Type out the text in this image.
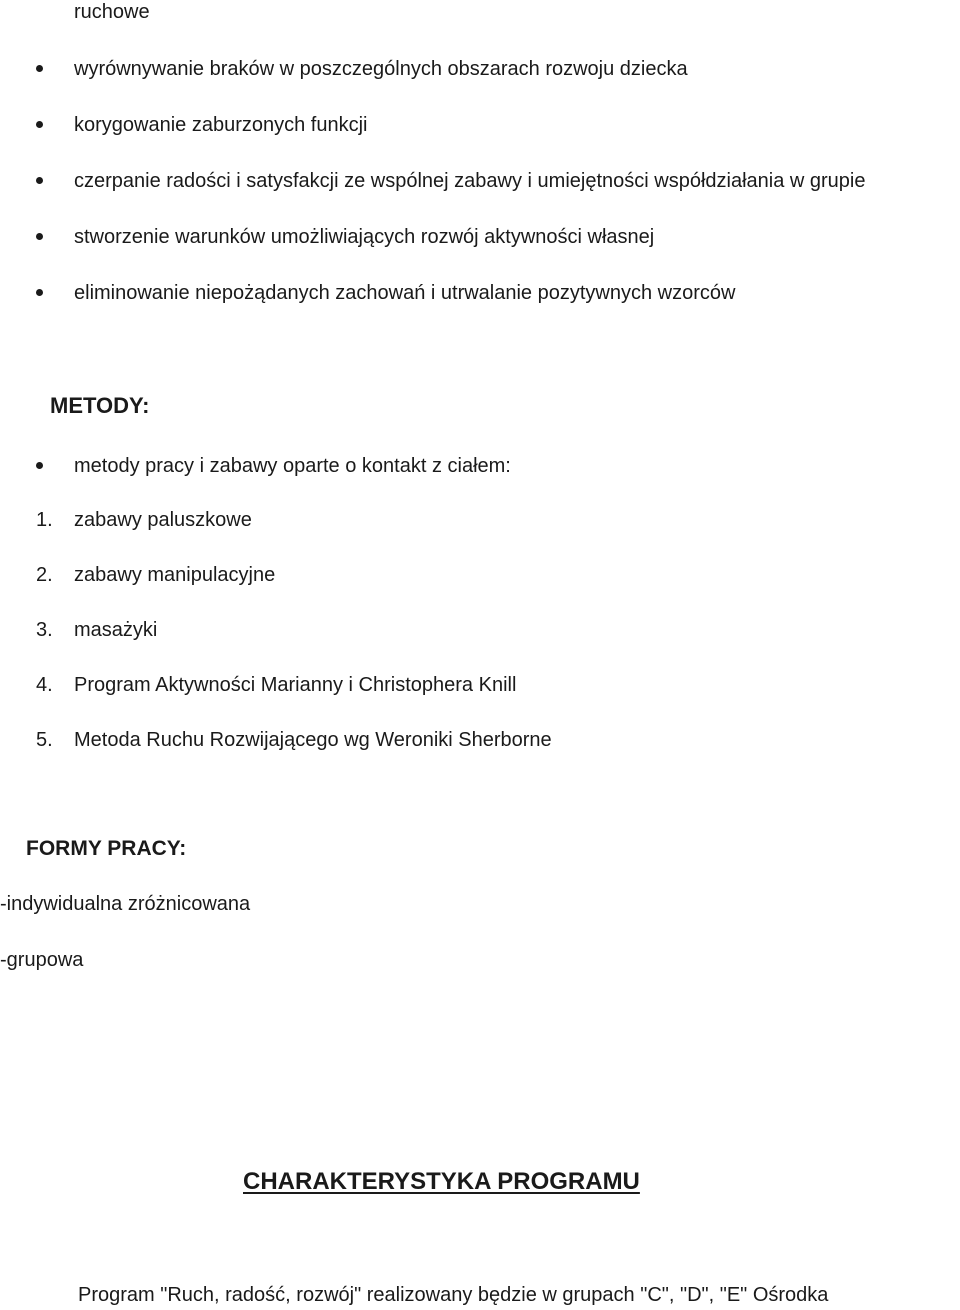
ruchowe
wyrównywanie braków w poszczególnych obszarach rozwoju dziecka
korygowanie zaburzonych funkcji
czerpanie radości i satysfakcji ze wspólnej zabawy i umiejętności współdziałania w grupie
stworzenie warunków umożliwiających rozwój aktywności własnej
eliminowanie niepożądanych zachowań i utrwalanie pozytywnych wzorców
METODY:
metody pracy i zabawy oparte o kontakt z ciałem:
1. zabawy paluszkowe
2. zabawy manipulacyjne
3. masażyki
4. Program Aktywności Marianny i Christophera Knill
5. Metoda Ruchu Rozwijającego wg Weroniki Sherborne
FORMY PRACY:
-indywidualna zróżnicowana
-grupowa
CHARAKTERYSTYKA PROGRAMU
Program "Ruch, radość, rozwój" realizowany będzie w grupach "C", "D", "E" Ośrodka
